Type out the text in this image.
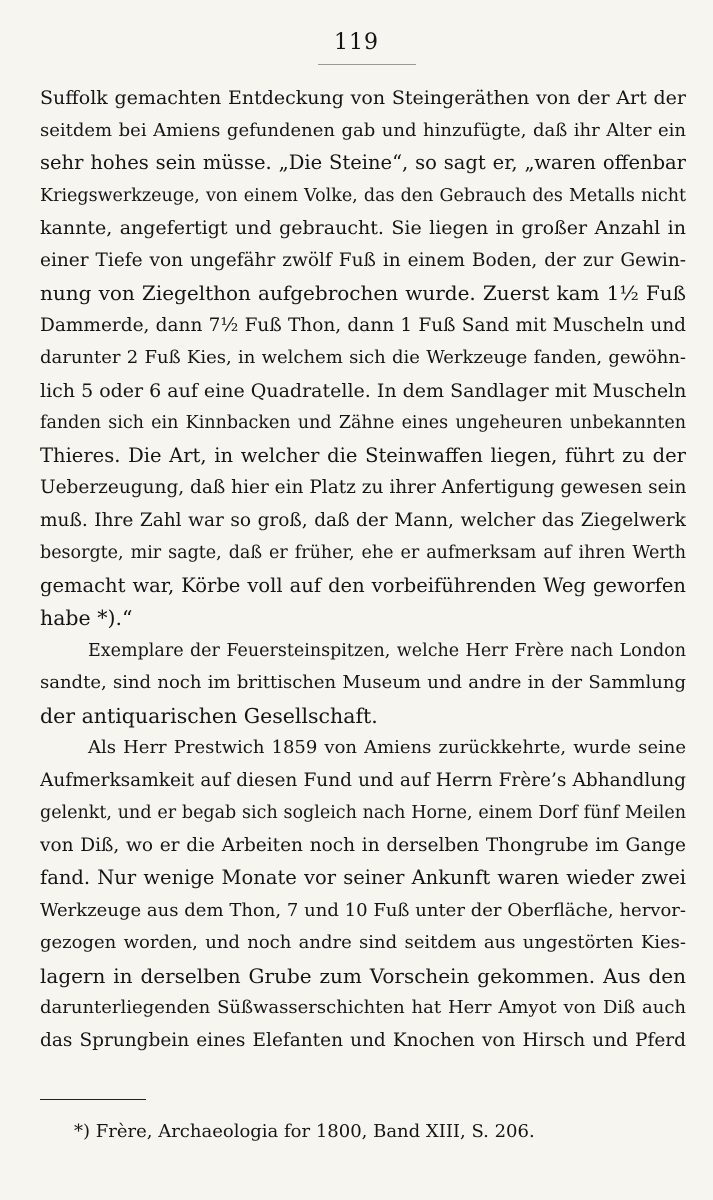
119
Suffolk gemachten Entdeckung von Steingeräthen von der Art der
seitdem bei Amiens gefundenen gab und hinzufügte, daß ihr Alter ein
sehr hohes sein müsse. „Die Steine“, so sagt er, „waren offenbar
Kriegswerkzeuge, von einem Volke, das den Gebrauch des Metalls nicht
kannte, angefertigt und gebraucht. Sie liegen in großer Anzahl in
einer Tiefe von ungefähr zwölf Fuß in einem Boden, der zur Gewin-
nung von Ziegelthon aufgebrochen wurde. Zuerst kam 1½ Fuß
Dammerde, dann 7½ Fuß Thon, dann 1 Fuß Sand mit Muscheln und
darunter 2 Fuß Kies, in welchem sich die Werkzeuge fanden, gewöhn-
lich 5 oder 6 auf eine Quadratelle. In dem Sandlager mit Muscheln
fanden sich ein Kinnbacken und Zähne eines ungeheuren unbekannten
Thieres. Die Art, in welcher die Steinwaffen liegen, führt zu der
Ueberzeugung, daß hier ein Platz zu ihrer Anfertigung gewesen sein
muß. Ihre Zahl war so groß, daß der Mann, welcher das Ziegelwerk
besorgte, mir sagte, daß er früher, ehe er aufmerksam auf ihren Werth
gemacht war, Körbe voll auf den vorbeiführenden Weg geworfen
habe *).“
Exemplare der Feuersteinspitzen, welche Herr Frère nach London
sandte, sind noch im brittischen Museum und andre in der Sammlung
der antiquarischen Gesellschaft.
Als Herr Prestwich 1859 von Amiens zurückkehrte, wurde seine
Aufmerksamkeit auf diesen Fund und auf Herrn Frère’s Abhandlung
gelenkt, und er begab sich sogleich nach Horne, einem Dorf fünf Meilen
von Diß, wo er die Arbeiten noch in derselben Thongrube im Gange
fand. Nur wenige Monate vor seiner Ankunft waren wieder zwei
Werkzeuge aus dem Thon, 7 und 10 Fuß unter der Oberfläche, hervor-
gezogen worden, und noch andre sind seitdem aus ungestörten Kies-
lagern in derselben Grube zum Vorschein gekommen. Aus den
darunterliegenden Süßwasserschichten hat Herr Amyot von Diß auch
das Sprungbein eines Elefanten und Knochen von Hirsch und Pferd
*) Frère, Archaeologia for 1800, Band XIII, S. 206.
